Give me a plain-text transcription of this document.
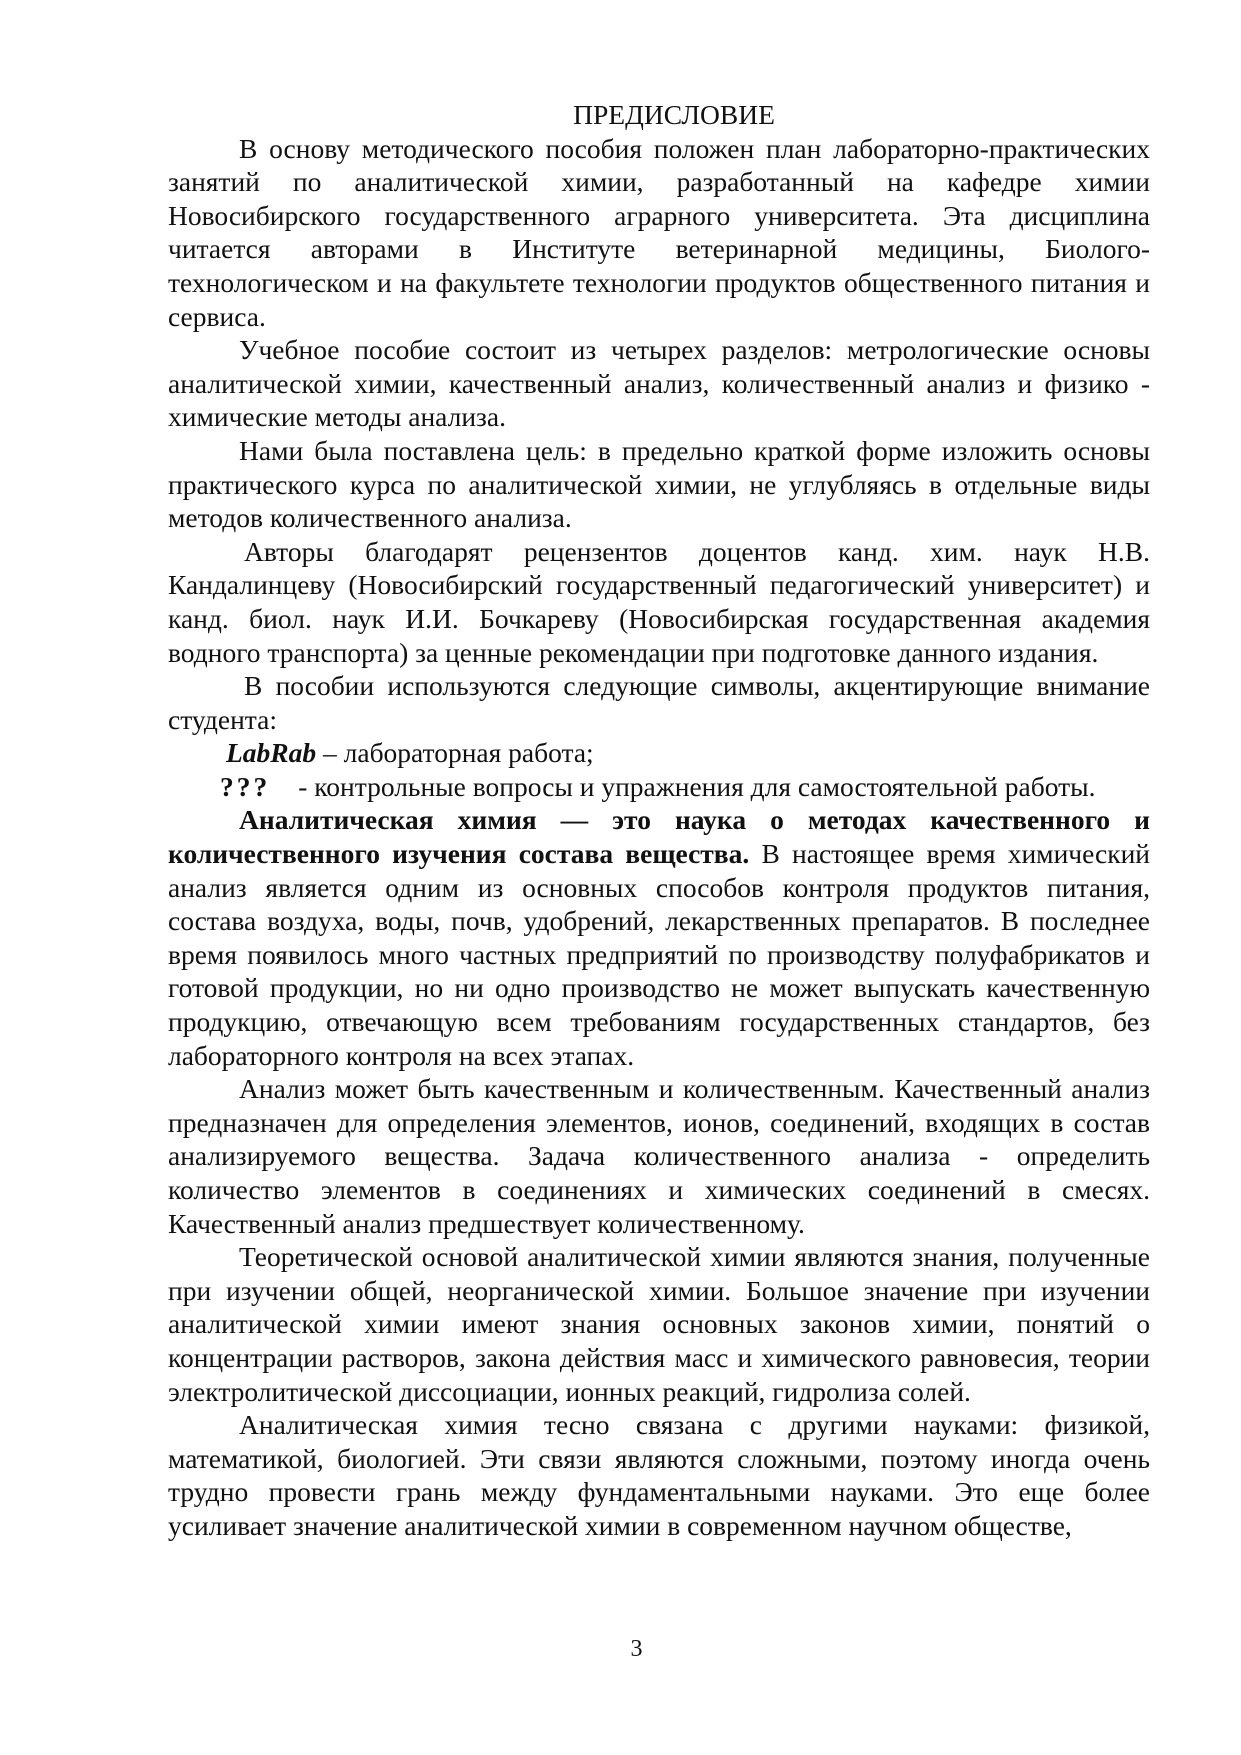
ПРЕДИСЛОВИЕ

В основу методического пособия положен план лабораторно-практических занятий по аналитической химии, разработанный на кафедре химии Новосибирского государственного аграрного университета. Эта дисциплина читается авторами в Институте ветеринарной медицины, Биолого-технологическом и на факультете технологии продуктов общественного питания и сервиса.

Учебное пособие состоит из четырех разделов: метрологические основы аналитической химии, качественный анализ, количественный анализ и физико - химические методы анализа.

Нами была поставлена цель: в предельно краткой форме изложить основы практического курса по аналитической химии, не углубляясь в отдельные виды методов количественного анализа.

Авторы благодарят рецензентов доцентов канд. хим. наук Н.В. Кандалинцеву (Новосибирский государственный педагогический университет) и канд. биол. наук И.И. Бочкареву (Новосибирская государственная академия водного транспорта) за ценные рекомендации при подготовке данного издания.

В пособии используются следующие символы, акцентирующие внимание студента:

LabRab – лабораторная работа;

??? - контрольные вопросы и упражнения для самостоятельной работы.

Аналитическая химия — это наука о методах качественного и количественного изучения состава вещества. В настоящее время химический анализ является одним из основных способов контроля продуктов питания, состава воздуха, воды, почв, удобрений, лекарственных препаратов. В последнее время появилось много частных предприятий по производству полуфабрикатов и готовой продукции, но ни одно производство не может выпускать качественную продукцию, отвечающую всем требованиям государственных стандартов, без лабораторного контроля на всех этапах.

Анализ может быть качественным и количественным. Качественный анализ предназначен для определения элементов, ионов, соединений, входящих в состав анализируемого вещества. Задача количественного анализа - определить количество элементов в соединениях и химических соединений в смесях. Качественный анализ предшествует количественному.

Теоретической основой аналитической химии являются знания, полученные при изучении общей, неорганической химии. Большое значение при изучении аналитической химии имеют знания основных законов химии, понятий о концентрации растворов, закона действия масс и химического равновесия, теории электролитической диссоциации, ионных реакций, гидролиза солей.

Аналитическая химия тесно связана с другими науками: физикой, математикой, биологией. Эти связи являются сложными, поэтому иногда очень трудно провести грань между фундаментальными науками. Это еще более усиливает значение аналитической химии в современном научном обществе,

3
